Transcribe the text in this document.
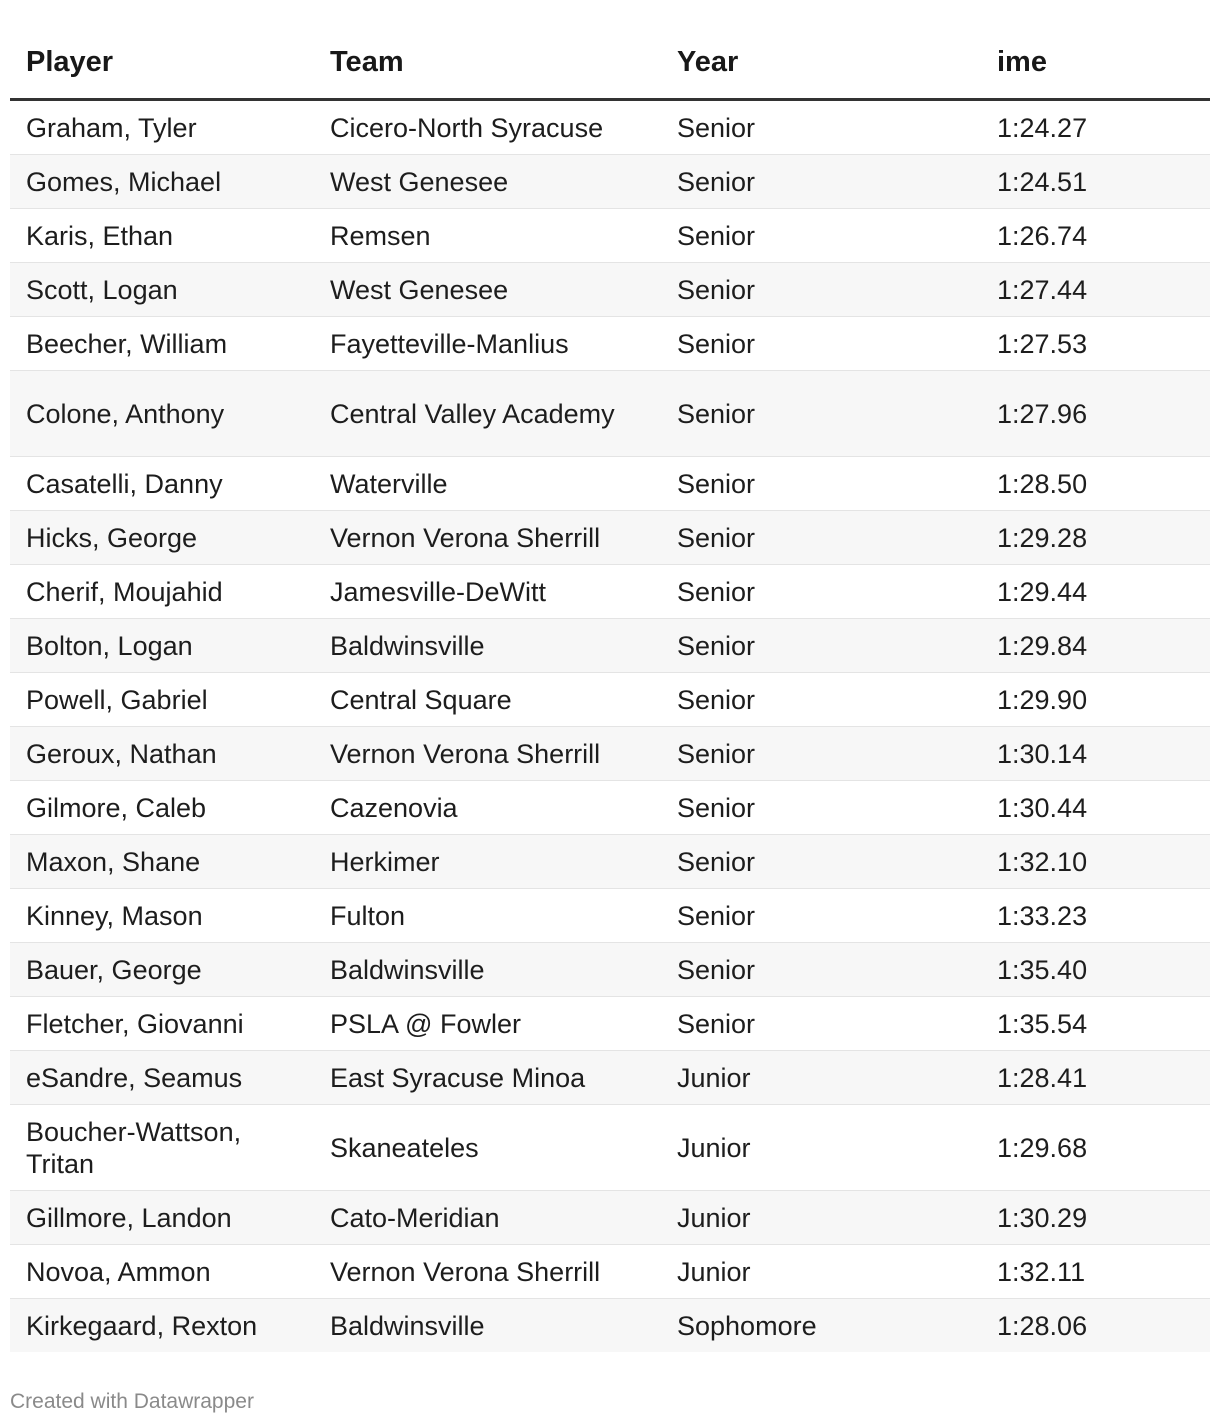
Player	Team	Year	ime
Graham, Tyler	Cicero-North Syracuse	Senior	1:24.27
Gomes, Michael	West Genesee	Senior	1:24.51
Karis, Ethan	Remsen	Senior	1:26.74
Scott, Logan	West Genesee	Senior	1:27.44
Beecher, William	Fayetteville-Manlius	Senior	1:27.53
Colone, Anthony	Central Valley Academy	Senior	1:27.96
Casatelli, Danny	Waterville	Senior	1:28.50
Hicks, George	Vernon Verona Sherrill	Senior	1:29.28
Cherif, Moujahid	Jamesville-DeWitt	Senior	1:29.44
Bolton, Logan	Baldwinsville	Senior	1:29.84
Powell, Gabriel	Central Square	Senior	1:29.90
Geroux, Nathan	Vernon Verona Sherrill	Senior	1:30.14
Gilmore, Caleb	Cazenovia	Senior	1:30.44
Maxon, Shane	Herkimer	Senior	1:32.10
Kinney, Mason	Fulton	Senior	1:33.23
Bauer, George	Baldwinsville	Senior	1:35.40
Fletcher, Giovanni	PSLA @ Fowler	Senior	1:35.54
eSandre, Seamus	East Syracuse Minoa	Junior	1:28.41
Boucher-Wattson, Tritan	Skaneateles	Junior	1:29.68
Gillmore, Landon	Cato-Meridian	Junior	1:30.29
Novoa, Ammon	Vernon Verona Sherrill	Junior	1:32.11
Kirkegaard, Rexton	Baldwinsville	Sophomore	1:28.06
Created with Datawrapper
